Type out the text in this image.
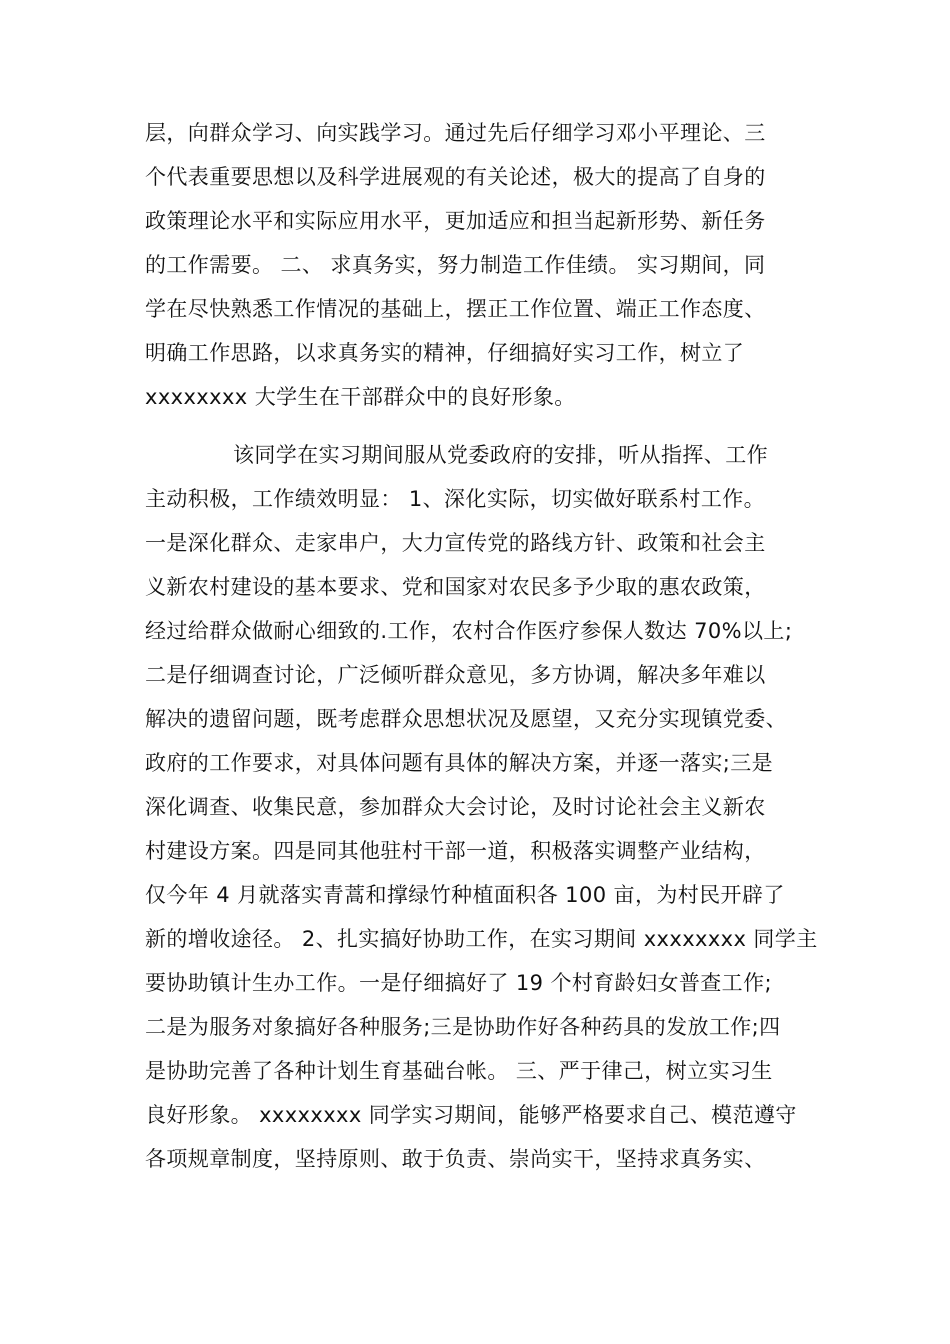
层，向群众学习、向实践学习。通过先后仔细学习邓小平理论、三
个代表重要思想以及科学进展观的有关论述，极大的提高了自身的
政策理论水平和实际应用水平，更加适应和担当起新形势、新任务
的工作需要。 二、 求真务实，努力制造工作佳绩。 实习期间，同
学在尽快熟悉工作情况的基础上，摆正工作位置、端正工作态度、
明确工作思路，以求真务实的精神，仔细搞好实习工作，树立了
xxxxxxxx 大学生在干部群众中的良好形象。
该同学在实习期间服从党委政府的安排，听从指挥、工作
主动积极，工作绩效明显： 1、深化实际，切实做好联系村工作。
一是深化群众、走家串户，大力宣传党的路线方针、政策和社会主
义新农村建设的基本要求、党和国家对农民多予少取的惠农政策，
经过给群众做耐心细致的.工作，农村合作医疗参保人数达 70%以上;
二是仔细调查讨论，广泛倾听群众意见，多方协调，解决多年难以
解决的遗留问题，既考虑群众思想状况及愿望，又充分实现镇党委、
政府的工作要求，对具体问题有具体的解决方案，并逐一落实;三是
深化调查、收集民意，参加群众大会讨论，及时讨论社会主义新农
村建设方案。四是同其他驻村干部一道，积极落实调整产业结构，
仅今年 4 月就落实青蒿和撑绿竹种植面积各 100 亩，为村民开辟了
新的增收途径。 2、扎实搞好协助工作，在实习期间 xxxxxxxx 同学主
要协助镇计生办工作。一是仔细搞好了 19 个村育龄妇女普查工作;
二是为服务对象搞好各种服务;三是协助作好各种药具的发放工作;四
是协助完善了各种计划生育基础台帐。 三、严于律己，树立实习生
良好形象。 xxxxxxxx 同学实习期间，能够严格要求自己、模范遵守
各项规章制度，坚持原则、敢于负责、崇尚实干，坚持求真务实、
